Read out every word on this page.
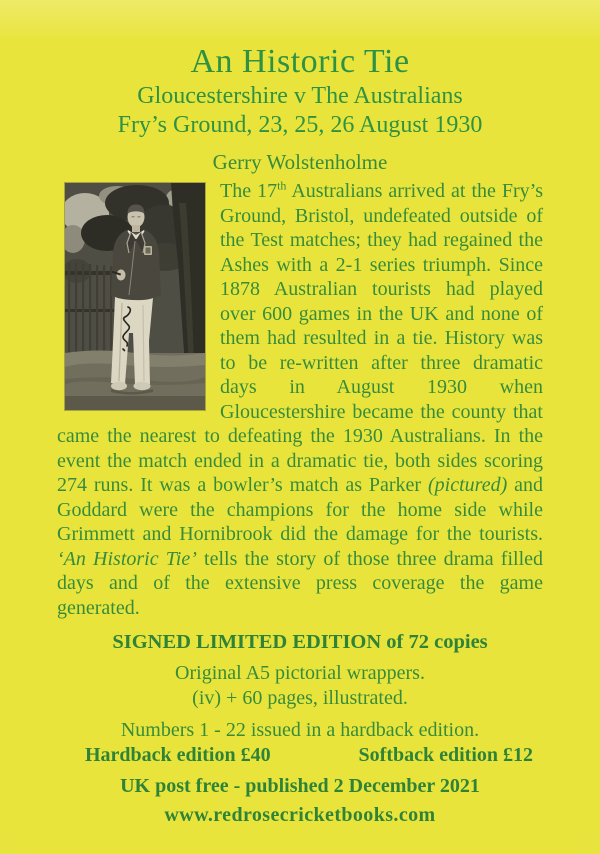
An Historic Tie
Gloucestershire v The Australians
Fry’s Ground, 23, 25, 26 August 1930
Gerry Wolstenholme

The 17th Australians arrived at the Fry’s Ground, Bristol, undefeated outside of the Test matches; they had regained the Ashes with a 2-1 series triumph. Since 1878 Australian tourists had played over 600 games in the UK and none of them had resulted in a tie. History was to be re-written after three dramatic days in August 1930 when Gloucestershire became the county that came the nearest to defeating the 1930 Australians. In the event the match ended in a dramatic tie, both sides scoring 274 runs. It was a bowler’s match as Parker (pictured) and Goddard were the champions for the home side while Grimmett and Hornibrook did the damage for the tourists. ‘An Historic Tie’ tells the story of those three drama filled days and of the extensive press coverage the game generated.

SIGNED LIMITED EDITION of 72 copies
Original A5 pictorial wrappers.
(iv) + 60 pages, illustrated.
Numbers 1 - 22 issued in a hardback edition.
Hardback edition £40	Softback edition £12
UK post free - published 2 December 2021
www.redrosecricketbooks.com
